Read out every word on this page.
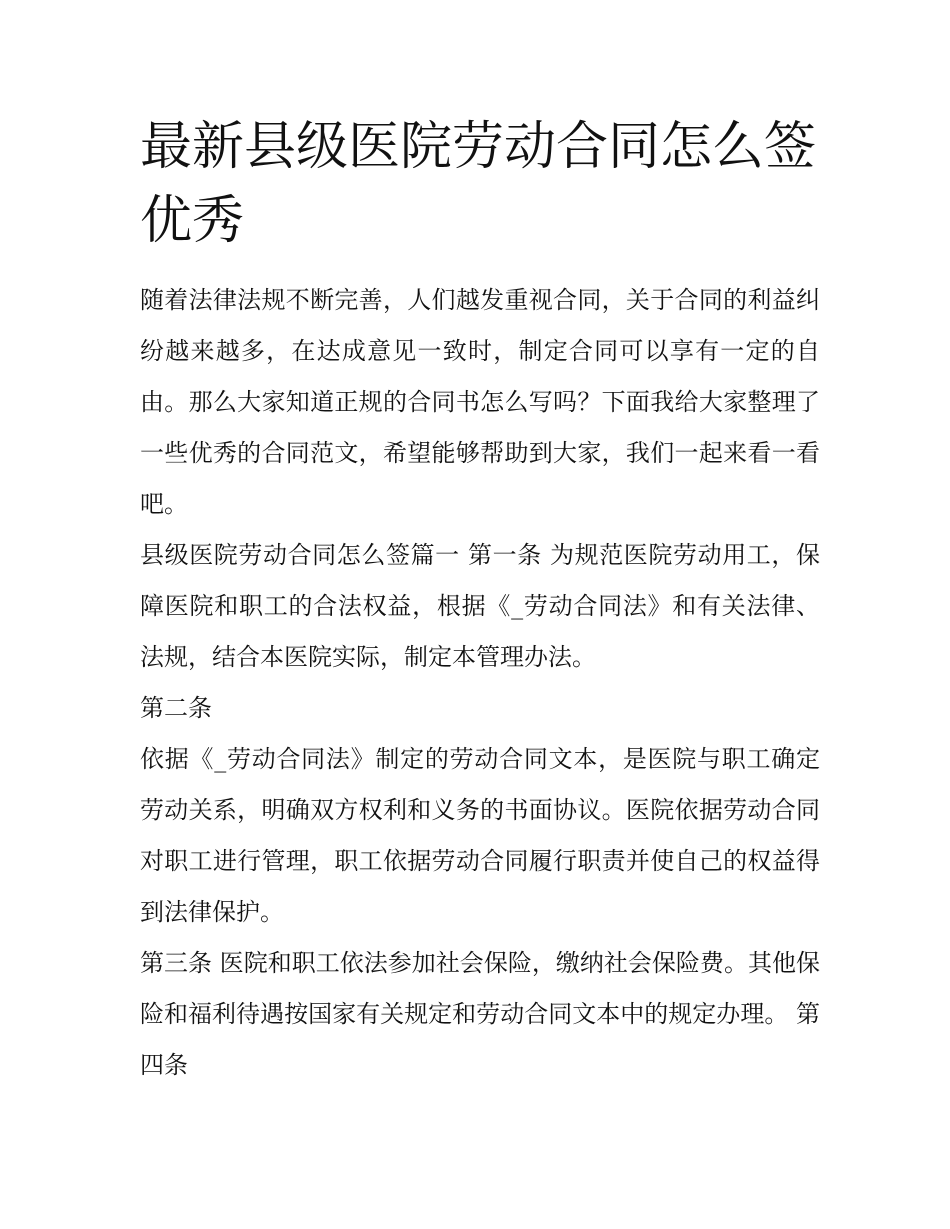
最新县级医院劳动合同怎么签优秀

随着法律法规不断完善，人们越发重视合同，关于合同的利益纠纷越来越多，在达成意见一致时，制定合同可以享有一定的自由。那么大家知道正规的合同书怎么写吗？下面我给大家整理了一些优秀的合同范文，希望能够帮助到大家，我们一起来看一看吧。

县级医院劳动合同怎么签篇一 第一条 为规范医院劳动用工，保障医院和职工的合法权益，根据《_劳动合同法》和有关法律、法规，结合本医院实际，制定本管理办法。

第二条

依据《_劳动合同法》制定的劳动合同文本，是医院与职工确定劳动关系，明确双方权利和义务的书面协议。医院依据劳动合同对职工进行管理，职工依据劳动合同履行职责并使自己的权益得到法律保护。

第三条 医院和职工依法参加社会保险，缴纳社会保险费。其他保险和福利待遇按国家有关规定和劳动合同文本中的规定办理。 第四条
